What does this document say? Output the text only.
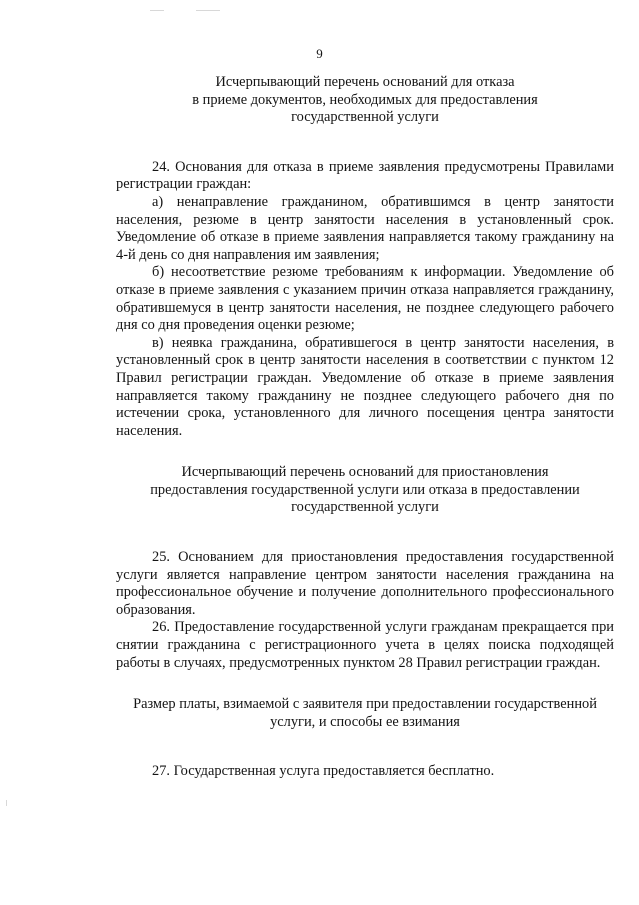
9
Исчерпывающий перечень оснований для отказа
в приеме документов, необходимых для предоставления
государственной услуги

24. Основания для отказа в приеме заявления предусмотрены Правилами регистрации граждан:

а) ненаправление гражданином, обратившимся в центр занятости населения, резюме в центр занятости населения в установленный срок. Уведомление об отказе в приеме заявления направляется такому гражданину на 4-й день со дня направления им заявления;

б) несоответствие резюме требованиям к информации. Уведомление об отказе в приеме заявления с указанием причин отказа направляется гражданину, обратившемуся в центр занятости населения, не позднее следующего рабочего дня со дня проведения оценки резюме;

в) неявка гражданина, обратившегося в центр занятости населения, в установленный срок в центр занятости населения в соответствии с пунктом 12 Правил регистрации граждан. Уведомление об отказе в приеме заявления направляется такому гражданину не позднее следующего рабочего дня по истечении срока, установленного для личного посещения центра занятости населения.

Исчерпывающий перечень оснований для приостановления
предоставления государственной услуги или отказа в предоставлении
государственной услуги

25. Основанием для приостановления предоставления государственной услуги является направление центром занятости населения гражданина на профессиональное обучение и получение дополнительного профессионального образования.

26. Предоставление государственной услуги гражданам прекращается при снятии гражданина с регистрационного учета в целях поиска подходящей работы в случаях, предусмотренных пунктом 28 Правил регистрации граждан.

Размер платы, взимаемой с заявителя при предоставлении государственной
услуги, и способы ее взимания

27. Государственная услуга предоставляется бесплатно.
